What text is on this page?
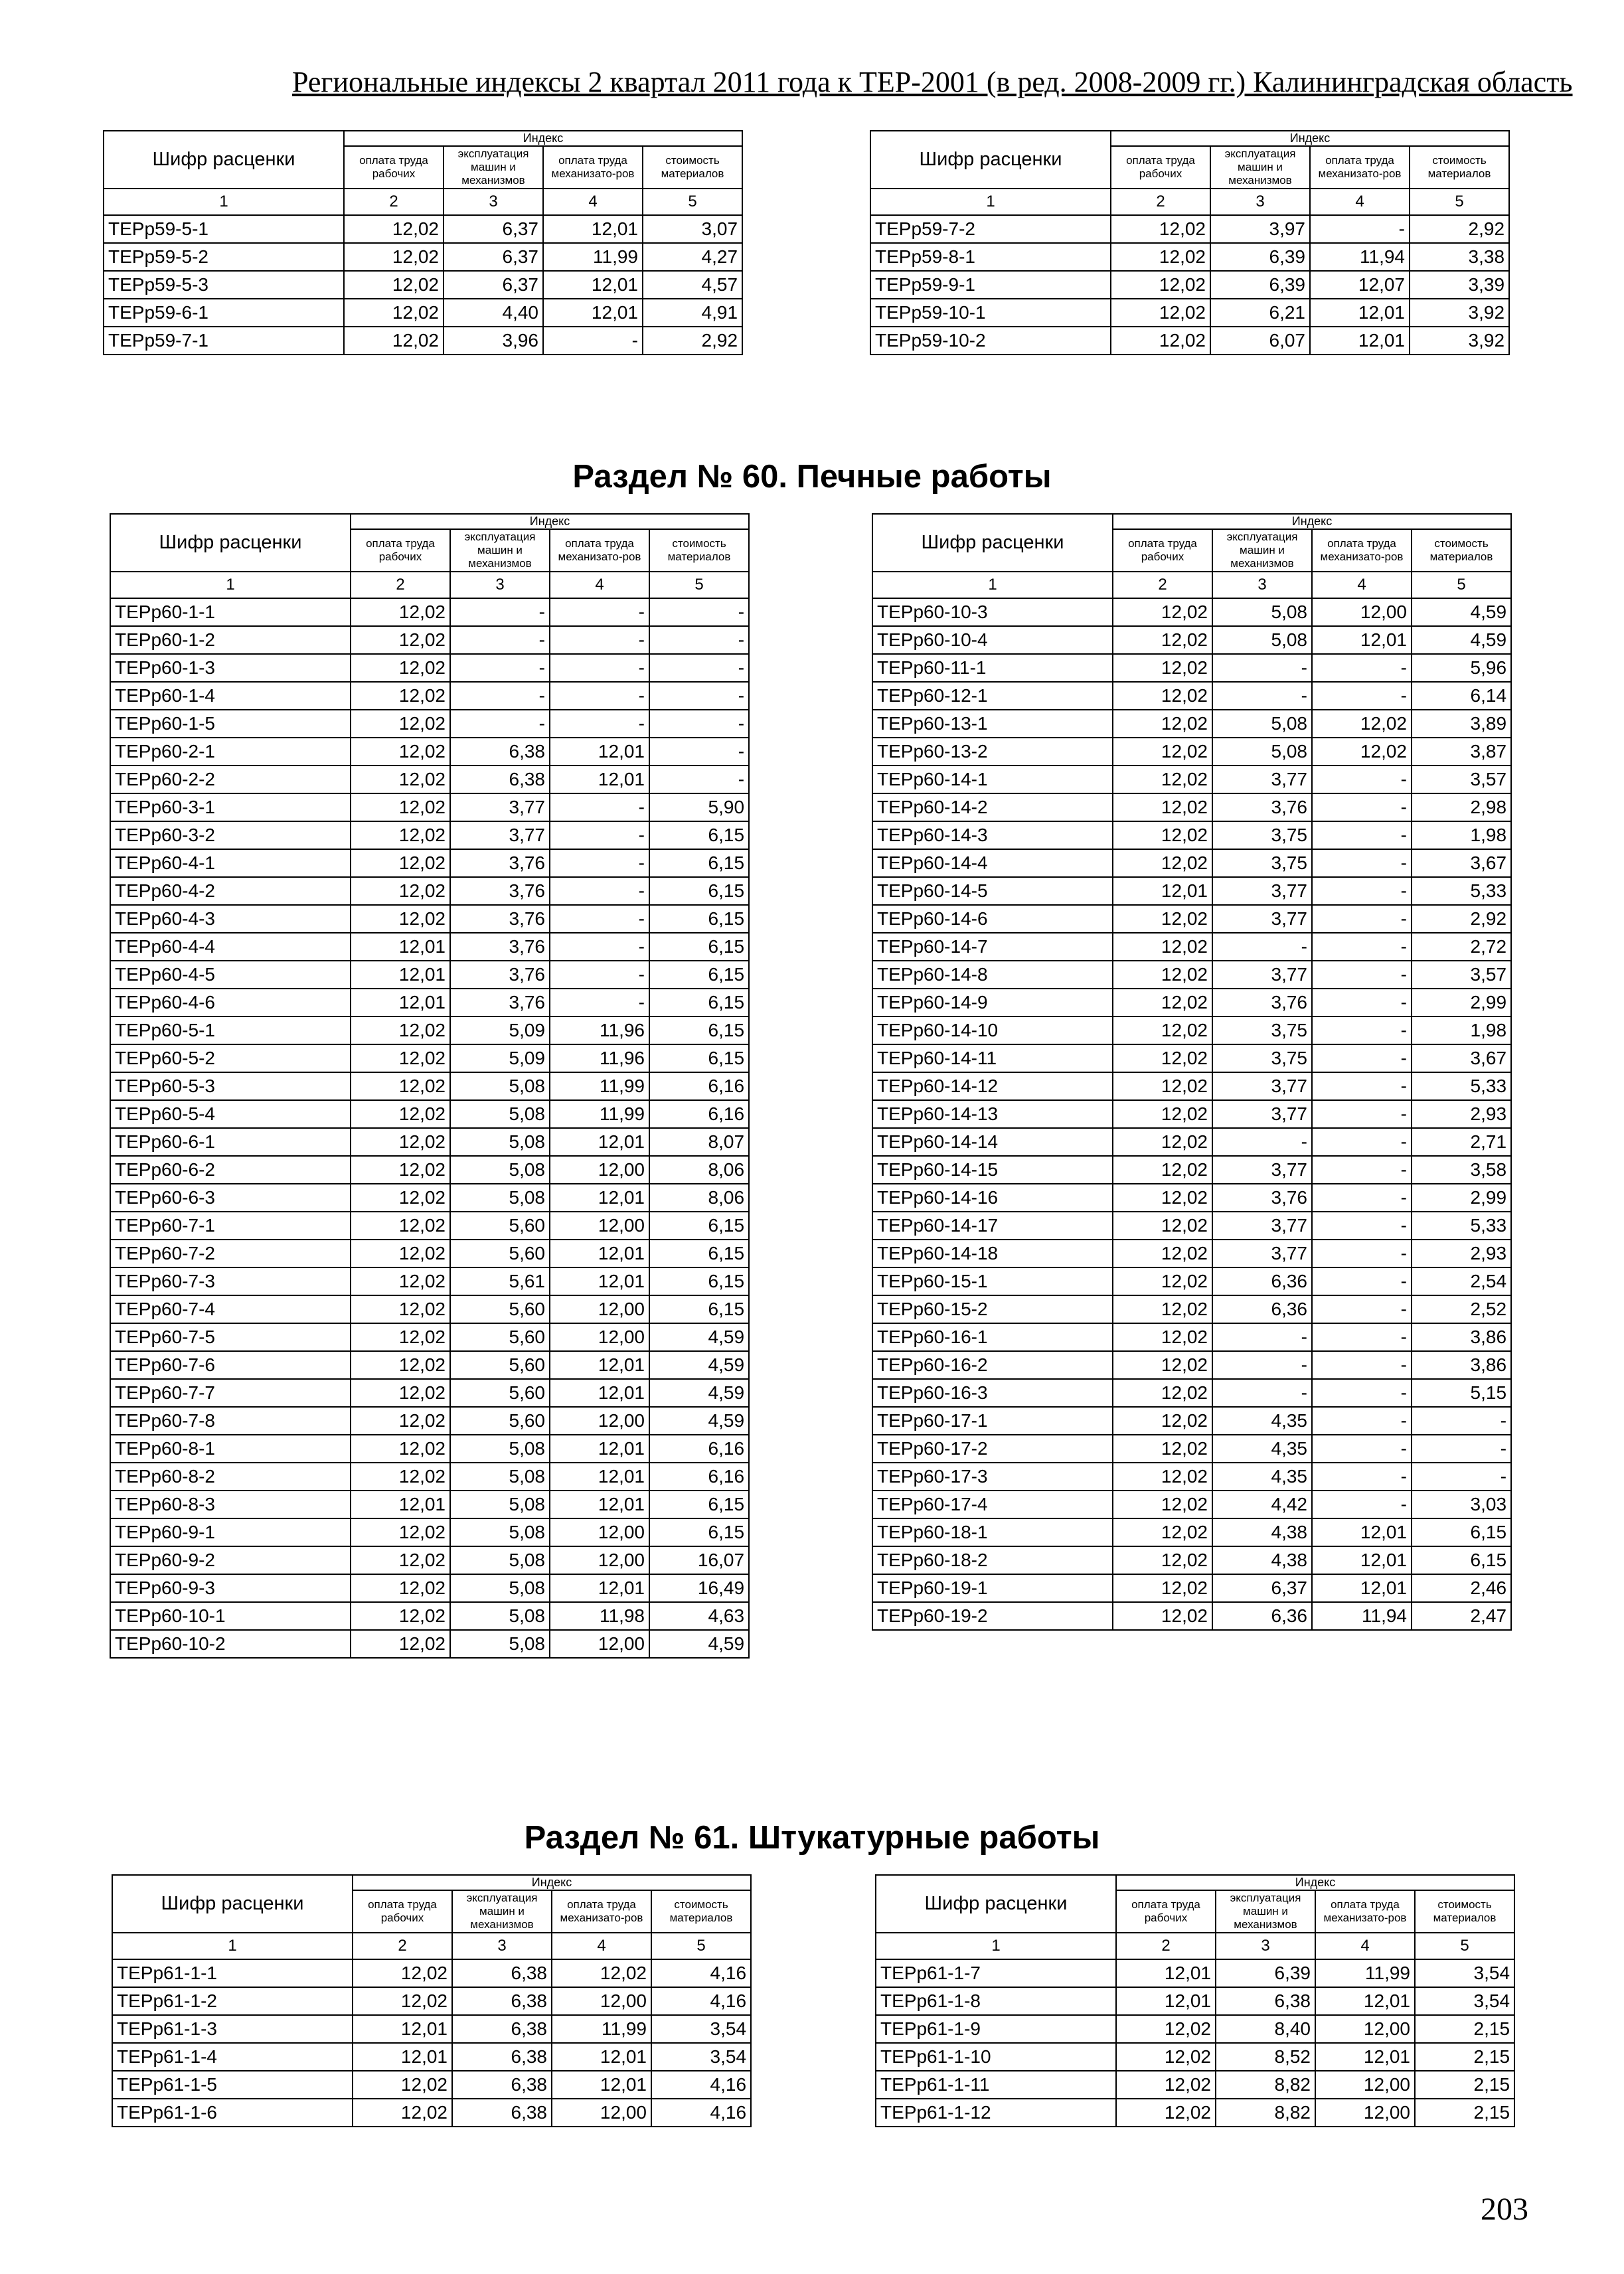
Региональные индексы 2 квартал 2011 года к ТЕР-2001 (в ред. 2008-2009 гг.) Калининградская область
Раздел № 60. Печные работы
Раздел № 61. Штукатурные работы
Шифр расценки	Индекс			
	оплата труда рабочих	эксплуатация машин и механизмов	оплата труда механизато-ров	стоимость материалов
1	2	3	4	5
ТЕРр59-5-1	12,02	6,37	12,01	3,07
ТЕРр59-5-2	12,02	6,37	11,99	4,27
ТЕРр59-5-3	12,02	6,37	12,01	4,57
ТЕРр59-6-1	12,02	4,40	12,01	4,91
ТЕРр59-7-1	12,02	3,96	-	2,92
Шифр расценки	Индекс			
	оплата труда рабочих	эксплуатация машин и механизмов	оплата труда механизато-ров	стоимость материалов
1	2	3	4	5
ТЕРр59-7-2	12,02	3,97	-	2,92
ТЕРр59-8-1	12,02	6,39	11,94	3,38
ТЕРр59-9-1	12,02	6,39	12,07	3,39
ТЕРр59-10-1	12,02	6,21	12,01	3,92
ТЕРр59-10-2	12,02	6,07	12,01	3,92
Шифр расценки	Индекс			
	оплата труда рабочих	эксплуатация машин и механизмов	оплата труда механизато-ров	стоимость материалов
1	2	3	4	5
ТЕРр60-1-1	12,02	-	-	-
ТЕРр60-1-2	12,02	-	-	-
ТЕРр60-1-3	12,02	-	-	-
ТЕРр60-1-4	12,02	-	-	-
ТЕРр60-1-5	12,02	-	-	-
ТЕРр60-2-1	12,02	6,38	12,01	-
ТЕРр60-2-2	12,02	6,38	12,01	-
ТЕРр60-3-1	12,02	3,77	-	5,90
ТЕРр60-3-2	12,02	3,77	-	6,15
ТЕРр60-4-1	12,02	3,76	-	6,15
ТЕРр60-4-2	12,02	3,76	-	6,15
ТЕРр60-4-3	12,02	3,76	-	6,15
ТЕРр60-4-4	12,01	3,76	-	6,15
ТЕРр60-4-5	12,01	3,76	-	6,15
ТЕРр60-4-6	12,01	3,76	-	6,15
ТЕРр60-5-1	12,02	5,09	11,96	6,15
ТЕРр60-5-2	12,02	5,09	11,96	6,15
ТЕРр60-5-3	12,02	5,08	11,99	6,16
ТЕРр60-5-4	12,02	5,08	11,99	6,16
ТЕРр60-6-1	12,02	5,08	12,01	8,07
ТЕРр60-6-2	12,02	5,08	12,00	8,06
ТЕРр60-6-3	12,02	5,08	12,01	8,06
ТЕРр60-7-1	12,02	5,60	12,00	6,15
ТЕРр60-7-2	12,02	5,60	12,01	6,15
ТЕРр60-7-3	12,02	5,61	12,01	6,15
ТЕРр60-7-4	12,02	5,60	12,00	6,15
ТЕРр60-7-5	12,02	5,60	12,00	4,59
ТЕРр60-7-6	12,02	5,60	12,01	4,59
ТЕРр60-7-7	12,02	5,60	12,01	4,59
ТЕРр60-7-8	12,02	5,60	12,00	4,59
ТЕРр60-8-1	12,02	5,08	12,01	6,16
ТЕРр60-8-2	12,02	5,08	12,01	6,16
ТЕРр60-8-3	12,01	5,08	12,01	6,15
ТЕРр60-9-1	12,02	5,08	12,00	6,15
ТЕРр60-9-2	12,02	5,08	12,00	16,07
ТЕРр60-9-3	12,02	5,08	12,01	16,49
ТЕРр60-10-1	12,02	5,08	11,98	4,63
ТЕРр60-10-2	12,02	5,08	12,00	4,59
Шифр расценки	Индекс			
	оплата труда рабочих	эксплуатация машин и механизмов	оплата труда механизато-ров	стоимость материалов
1	2	3	4	5
ТЕРр60-10-3	12,02	5,08	12,00	4,59
ТЕРр60-10-4	12,02	5,08	12,01	4,59
ТЕРр60-11-1	12,02	-	-	5,96
ТЕРр60-12-1	12,02	-	-	6,14
ТЕРр60-13-1	12,02	5,08	12,02	3,89
ТЕРр60-13-2	12,02	5,08	12,02	3,87
ТЕРр60-14-1	12,02	3,77	-	3,57
ТЕРр60-14-2	12,02	3,76	-	2,98
ТЕРр60-14-3	12,02	3,75	-	1,98
ТЕРр60-14-4	12,02	3,75	-	3,67
ТЕРр60-14-5	12,01	3,77	-	5,33
ТЕРр60-14-6	12,02	3,77	-	2,92
ТЕРр60-14-7	12,02	-	-	2,72
ТЕРр60-14-8	12,02	3,77	-	3,57
ТЕРр60-14-9	12,02	3,76	-	2,99
ТЕРр60-14-10	12,02	3,75	-	1,98
ТЕРр60-14-11	12,02	3,75	-	3,67
ТЕРр60-14-12	12,02	3,77	-	5,33
ТЕРр60-14-13	12,02	3,77	-	2,93
ТЕРр60-14-14	12,02	-	-	2,71
ТЕРр60-14-15	12,02	3,77	-	3,58
ТЕРр60-14-16	12,02	3,76	-	2,99
ТЕРр60-14-17	12,02	3,77	-	5,33
ТЕРр60-14-18	12,02	3,77	-	2,93
ТЕРр60-15-1	12,02	6,36	-	2,54
ТЕРр60-15-2	12,02	6,36	-	2,52
ТЕРр60-16-1	12,02	-	-	3,86
ТЕРр60-16-2	12,02	-	-	3,86
ТЕРр60-16-3	12,02	-	-	5,15
ТЕРр60-17-1	12,02	4,35	-	-
ТЕРр60-17-2	12,02	4,35	-	-
ТЕРр60-17-3	12,02	4,35	-	-
ТЕРр60-17-4	12,02	4,42	-	3,03
ТЕРр60-18-1	12,02	4,38	12,01	6,15
ТЕРр60-18-2	12,02	4,38	12,01	6,15
ТЕРр60-19-1	12,02	6,37	12,01	2,46
ТЕРр60-19-2	12,02	6,36	11,94	2,47
Шифр расценки	Индекс			
	оплата труда рабочих	эксплуатация машин и механизмов	оплата труда механизато-ров	стоимость материалов
1	2	3	4	5
ТЕРр61-1-1	12,02	6,38	12,02	4,16
ТЕРр61-1-2	12,02	6,38	12,00	4,16
ТЕРр61-1-3	12,01	6,38	11,99	3,54
ТЕРр61-1-4	12,01	6,38	12,01	3,54
ТЕРр61-1-5	12,02	6,38	12,01	4,16
ТЕРр61-1-6	12,02	6,38	12,00	4,16
Шифр расценки	Индекс			
	оплата труда рабочих	эксплуатация машин и механизмов	оплата труда механизато-ров	стоимость материалов
1	2	3	4	5
ТЕРр61-1-7	12,01	6,39	11,99	3,54
ТЕРр61-1-8	12,01	6,38	12,01	3,54
ТЕРр61-1-9	12,02	8,40	12,00	2,15
ТЕРр61-1-10	12,02	8,52	12,01	2,15
ТЕРр61-1-11	12,02	8,82	12,00	2,15
ТЕРр61-1-12	12,02	8,82	12,00	2,15
203
